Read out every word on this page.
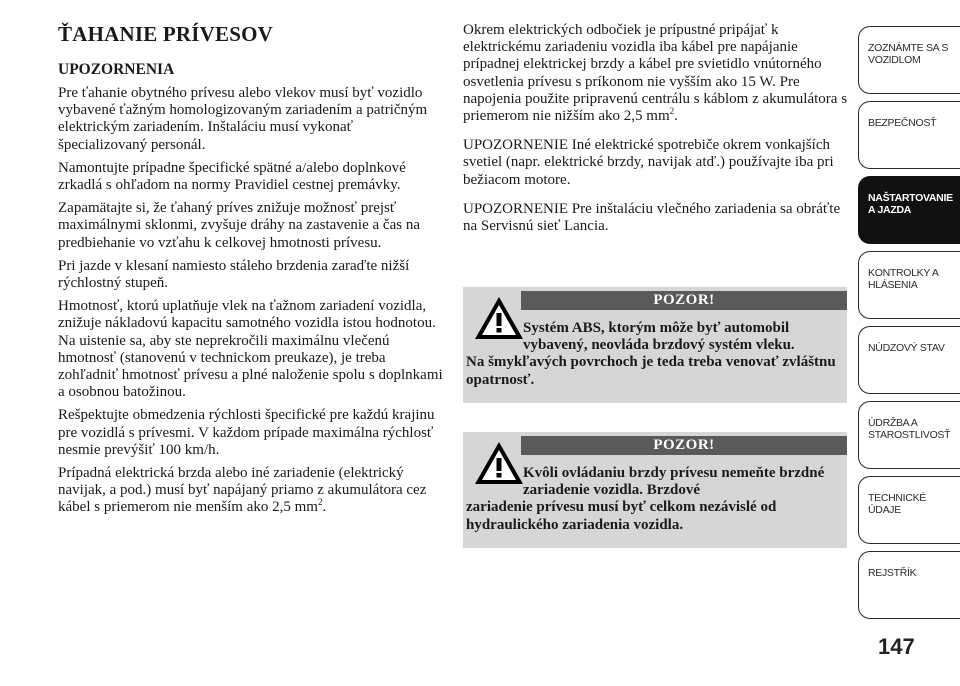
ŤAHANIE PRÍVESOV
UPOZORNENIA

Pre ťahanie obytného prívesu alebo vlekov musí byť vozidlo vybavené ťažným homologizovaným zariadením a patričným elektrickým zariadením. Inštaláciu musí vykonať špecializovaný personál.

Namontujte prípadne špecifické spätné a/alebo doplnkové zrkadlá s ohľadom na normy Pravidiel cestnej premávky.

Zapamätajte si, že ťahaný príves znižuje možnosť prejsť maximálnymi sklonmi, zvyšuje dráhy na zastavenie a čas na predbiehanie vo vzťahu k celkovej hmotnosti prívesu.

Pri jazde v klesaní namiesto stáleho brzdenia zaraďte nižší rýchlostný stupeň.

Hmotnosť, ktorú uplatňuje vlek na ťažnom zariadení vozidla, znižuje nákladovú kapacitu samotného vozidla istou hodnotou. Na uistenie sa, aby ste neprekročili maximálnu vlečenú hmotnosť (stanovenú v technickom preukaze), je treba zohľadniť hmotnosť prívesu a plné naloženie spolu s doplnkami a osobnou batožinou.

Rešpektujte obmedzenia rýchlosti špecifické pre každú krajinu pre vozidlá s prívesmi. V každom prípade maximálna rýchlosť nesmie prevýšiť 100 km/h.

Prípadná elektrická brzda alebo iné zariadenie (elektrický navijak, a pod.) musí byť napájaný priamo z akumulátora cez kábel s priemerom nie menším ako 2,5 $mm^2$.

Okrem elektrických odbočiek je prípustné pripájať k elektrickému zariadeniu vozidla iba kábel pre napájanie prípadnej elektrickej brzdy a kábel pre svietidlo vnútorného osvetlenia prívesu s príkonom nie vyšším ako 15 W. Pre napojenia použite pripravenú centrálu s káblom z akumulátora s priemerom nie nižším ako 2,5 $mm^2$.

UPOZORNENIE Iné elektrické spotrebiče okrem vonkajších svetiel (napr. elektrické brzdy, navijak atď.) používajte iba pri bežiacom motore.

UPOZORNENIE Pre inštaláciu vlečného zariadenia sa obráťte na Servisnú sieť Lancia.

POZOR!
Systém ABS, ktorým môže byť automobil vybavený, neovláda brzdový systém vleku.
Na šmykľavých povrchoch je teda treba venovať zvláštnu opatrnosť.
POZOR!
Kvôli ovládaniu brzdy prívesu nemeňte brzdné zariadenie vozidla. Brzdové
zariadenie prívesu musí byť celkom nezávislé od hydraulického zariadenia vozidla.
ZOZNÁMTE SA S
VOZIDLOM
BEZPEČNOSŤ
NAŠTARTOVANIE
A JAZDA
KONTROLKY A
HLÁSENIA
NÚDZOVÝ STAV
ÚDRŽBA A
STAROSTLIVOSŤ
TECHNICKÉ
ÚDAJE
REJSTŘÍK
147
